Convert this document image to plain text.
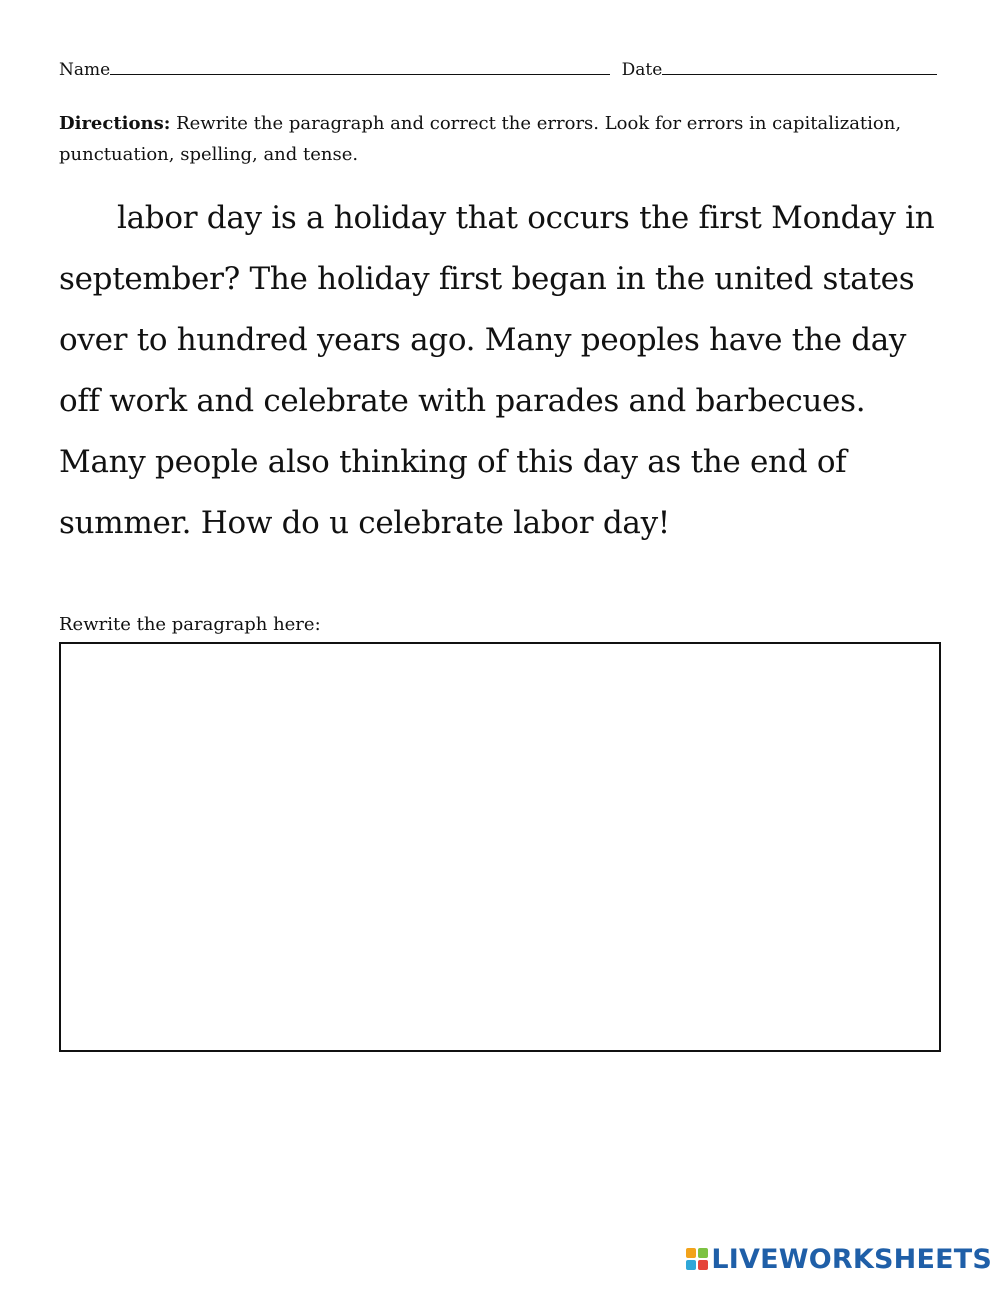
Name	Date
Directions: Rewrite the paragraph and correct the errors. Look for errors in capitalization, punctuation, spelling, and tense.

labor day is a holiday that occurs the first Monday in september? The holiday first began in the united states over to hundred years ago. Many peoples have the day off work and celebrate with parades and barbecues. Many people also thinking of this day as the end of summer. How do u celebrate labor day!

Rewrite the paragraph here:
LIVEWORKSHEETS
